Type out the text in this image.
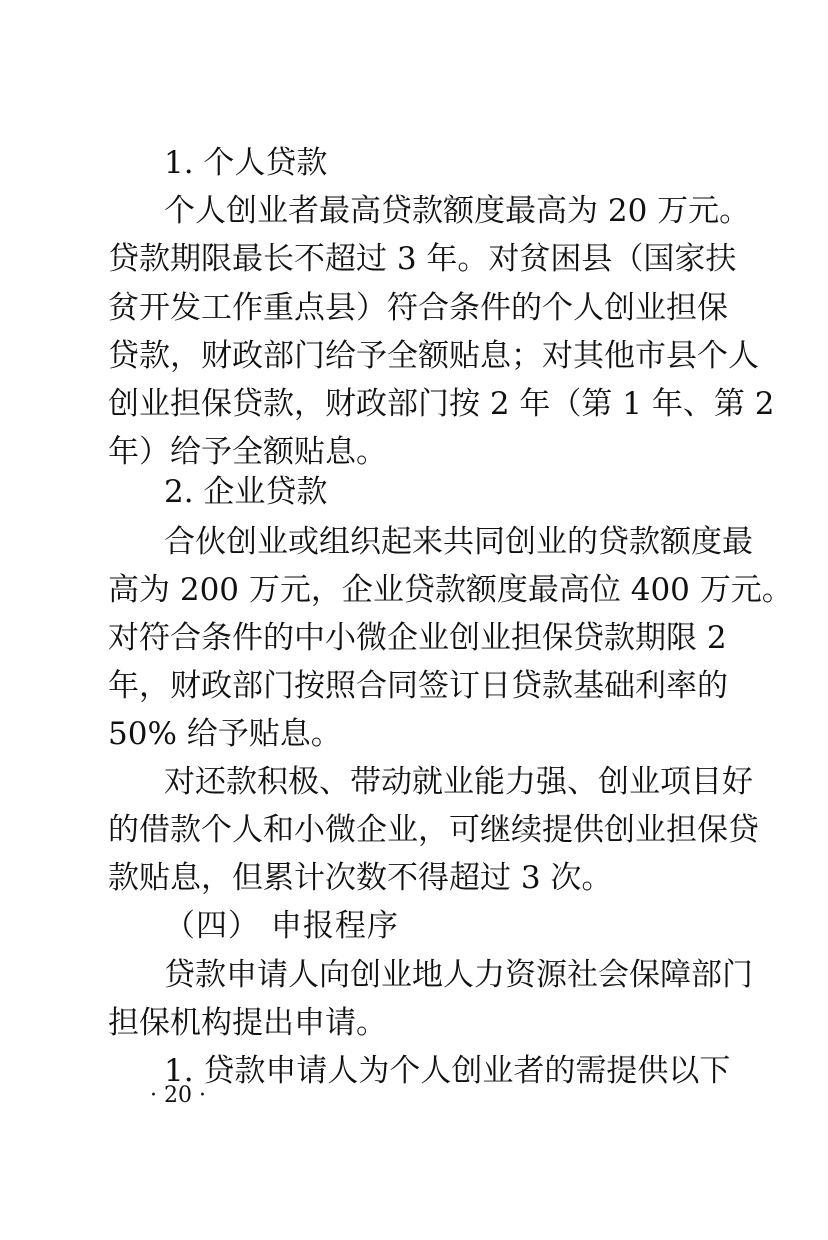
1. 个人贷款
个人创业者最高贷款额度最高为 20 万元。
贷款期限最长不超过 3 年。对贫困县（国家扶
贫开发工作重点县）符合条件的个人创业担保
贷款，财政部门给予全额贴息；对其他市县个人
创业担保贷款，财政部门按 2 年（第 1 年、第 2
年）给予全额贴息。
2. 企业贷款
合伙创业或组织起来共同创业的贷款额度最
高为 200 万元，企业贷款额度最高位 400 万元。
对符合条件的中小微企业创业担保贷款期限 2
年，财政部门按照合同签订日贷款基础利率的
50% 给予贴息。
对还款积极、带动就业能力强、创业项目好
的借款个人和小微企业，可继续提供创业担保贷
款贴息，但累计次数不得超过 3 次。
（四） 申报程序
贷款申请人向创业地人力资源社会保障部门
担保机构提出申请。
1. 贷款申请人为个人创业者的需提供以下
· 20 ·
